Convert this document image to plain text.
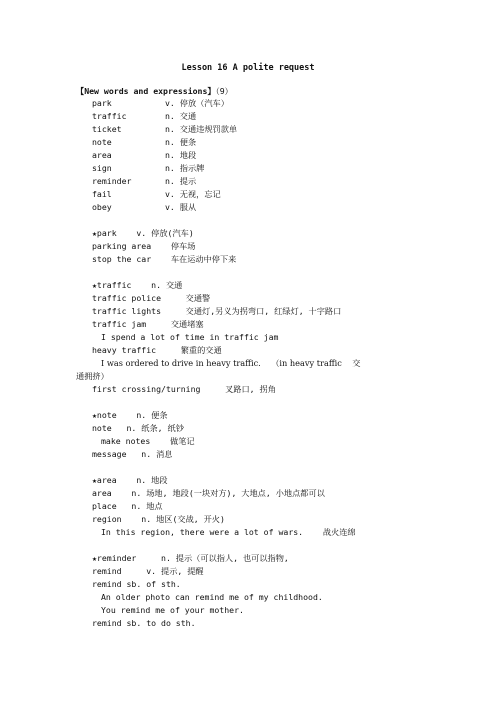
Lesson 16 A polite request
【New words and expressions】（9）
park	v. 停放（汽车）
traffic	n. 交通
ticket	n. 交通违规罚款单
note	n. 便条
area	n. 地段
sign	n. 指示牌
reminder	n. 提示
fail	v. 无视，忘记
obey	v. 服从
★park    v. 停放(汽车)
parking area    停车场
stop the car    车在运动中停下来
★traffic    n. 交通
traffic police     交通警
traffic lights     交通灯,另义为拐弯口, 红绿灯, 十字路口
traffic jam     交通堵塞
I spend a lot of time in traffic jam
heavy traffic     繁重的交通
I was ordered to drive in heavy traffic.    （in heavy traffic    交
通拥挤）
first crossing/turning     叉路口, 拐角
★note    n. 便条
note   n. 纸条, 纸钞
make notes    做笔记
message   n. 消息
★area    n. 地段
area    n. 场地, 地段(一块对方), 大地点, 小地点都可以
place   n. 地点
region    n. 地区(交战, 开火)
In this region, there were a lot of wars.    战火连绵
★reminder     n. 提示（可以指人, 也可以指物,
remind     v. 提示, 提醒
remind sb. of sth.
An older photo can remind me of my childhood.
You remind me of your mother.
remind sb. to do sth.
